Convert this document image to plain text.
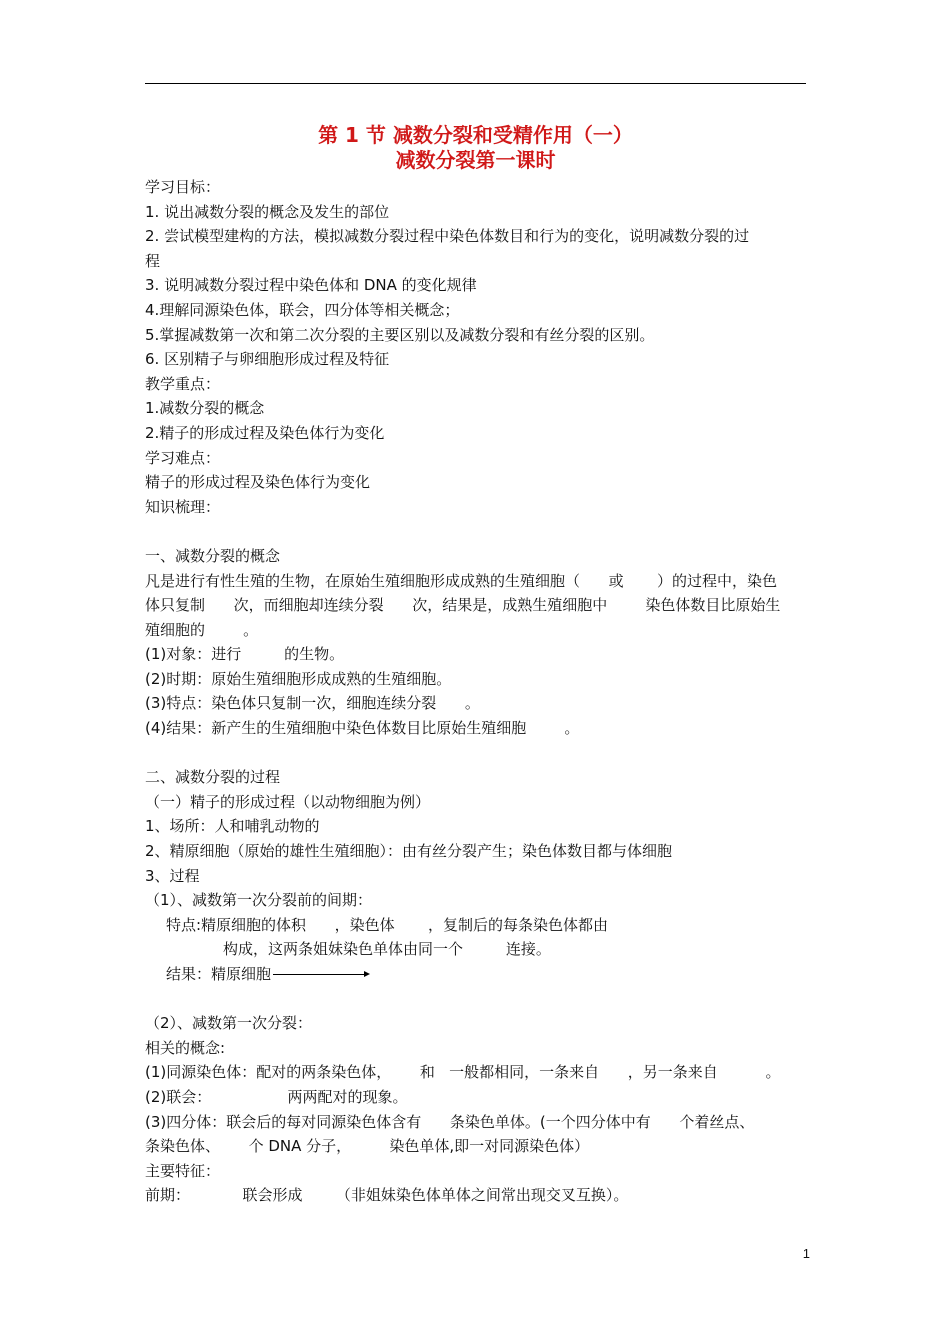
第 1 节 减数分裂和受精作用（一）
减数分裂第一课时
学习目标：
1. 说出减数分裂的概念及发生的部位
2. 尝试模型建构的方法，模拟减数分裂过程中染色体数目和行为的变化，说明减数分裂的过
程
3. 说明减数分裂过程中染色体和 DNA 的变化规律
4.理解同源染色体，联会，四分体等相关概念；
5.掌握减数第一次和第二次分裂的主要区别以及减数分裂和有丝分裂的区别。
6. 区别精子与卵细胞形成过程及特征
教学重点：
1.减数分裂的概念
2.精子的形成过程及染色体行为变化
学习难点：
精子的形成过程及染色体行为变化
知识梳理：
一、减数分裂的概念
凡是进行有性生殖的生物，在原始生殖细胞形成成熟的生殖细胞（      或       ）的过程中，染色
体只复制      次，而细胞却连续分裂      次，结果是，成熟生殖细胞中        染色体数目比原始生
殖细胞的        。
(1)对象：进行         的生物。
(2)时期：原始生殖细胞形成成熟的生殖细胞。
(3)特点：染色体只复制一次，细胞连续分裂      。
(4)结果：新产生的生殖细胞中染色体数目比原始生殖细胞        。
二、减数分裂的过程
（一）精子的形成过程（以动物细胞为例）
1、场所：人和哺乳动物的
2、精原细胞（原始的雄性生殖细胞）：由有丝分裂产生；染色体数目都与体细胞
3、过程
（1）、减数第一次分裂前的间期：
特点:精原细胞的体积      ，染色体       ，复制后的每条染色体都由
构成，这两条姐妹染色单体由同一个         连接。
结果：精原细胞
（2）、减数第一次分裂：
相关的概念:
(1)同源染色体：配对的两条染色体，      和   一般都相同，一条来自      ，另一条来自          。
(2)联会：                两两配对的现象。
(3)四分体：联会后的每对同源染色体含有      条染色单体。(一个四分体中有      个着丝点、
条染色体、      个 DNA 分子，        染色单体,即一对同源染色体）
主要特征：
前期：           联会形成       （非姐妹染色体单体之间常出现交叉互换）。
1
